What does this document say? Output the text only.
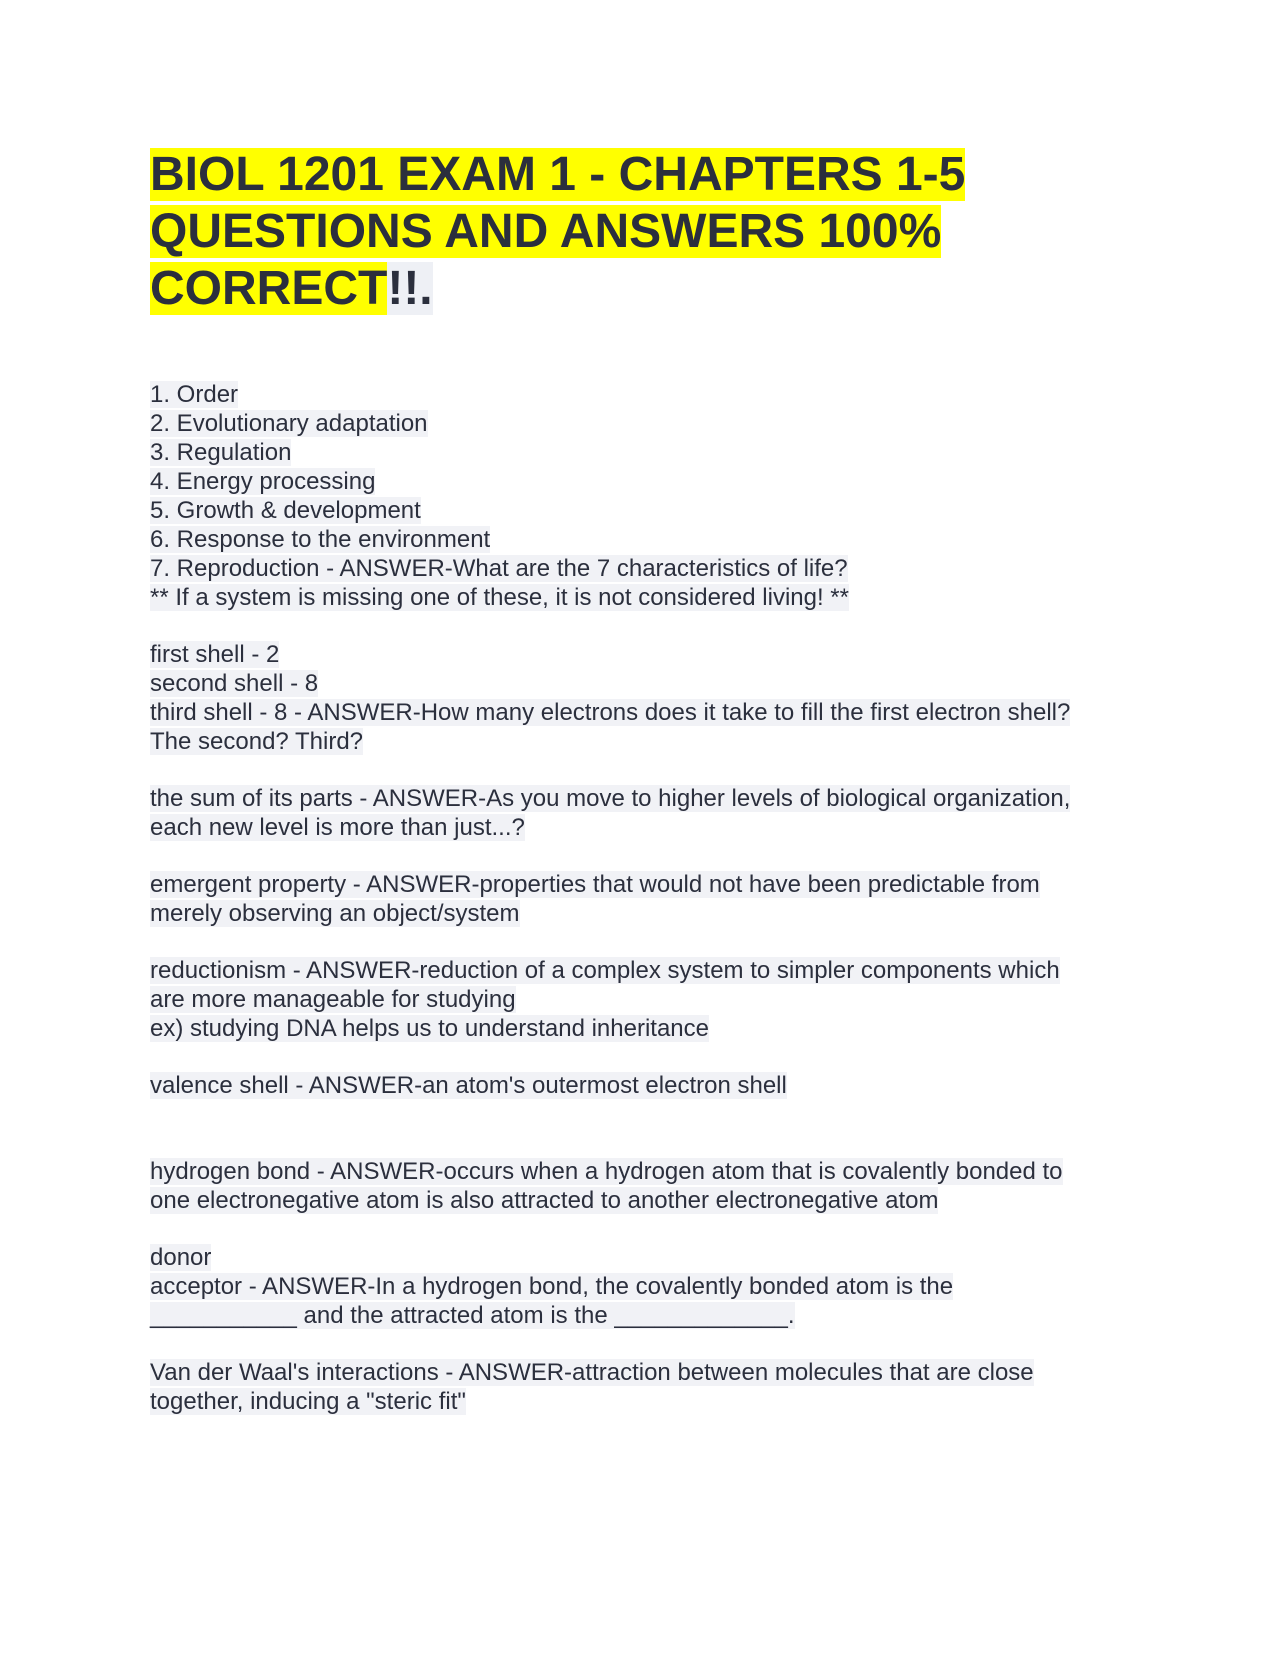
BIOL 1201 EXAM 1 - CHAPTERS 1-5
QUESTIONS AND ANSWERS 100%
CORRECT!!.
1. Order
2. Evolutionary adaptation
3. Regulation
4. Energy processing
5. Growth & development
6. Response to the environment
7. Reproduction - ANSWER-What are the 7 characteristics of life?
** If a system is missing one of these, it is not considered living! **
first shell - 2
second shell - 8
third shell - 8 - ANSWER-How many electrons does it take to fill the first electron shell?
The second? Third?
the sum of its parts - ANSWER-As you move to higher levels of biological organization,
each new level is more than just...?
emergent property - ANSWER-properties that would not have been predictable from
merely observing an object/system
reductionism - ANSWER-reduction of a complex system to simpler components which
are more manageable for studying
ex) studying DNA helps us to understand inheritance
valence shell - ANSWER-an atom's outermost electron shell
hydrogen bond - ANSWER-occurs when a hydrogen atom that is covalently bonded to
one electronegative atom is also attracted to another electronegative atom
donor
acceptor - ANSWER-In a hydrogen bond, the covalently bonded atom is the
___________ and the attracted atom is the _____________.
Van der Waal's interactions - ANSWER-attraction between molecules that are close
together, inducing a "steric fit"
